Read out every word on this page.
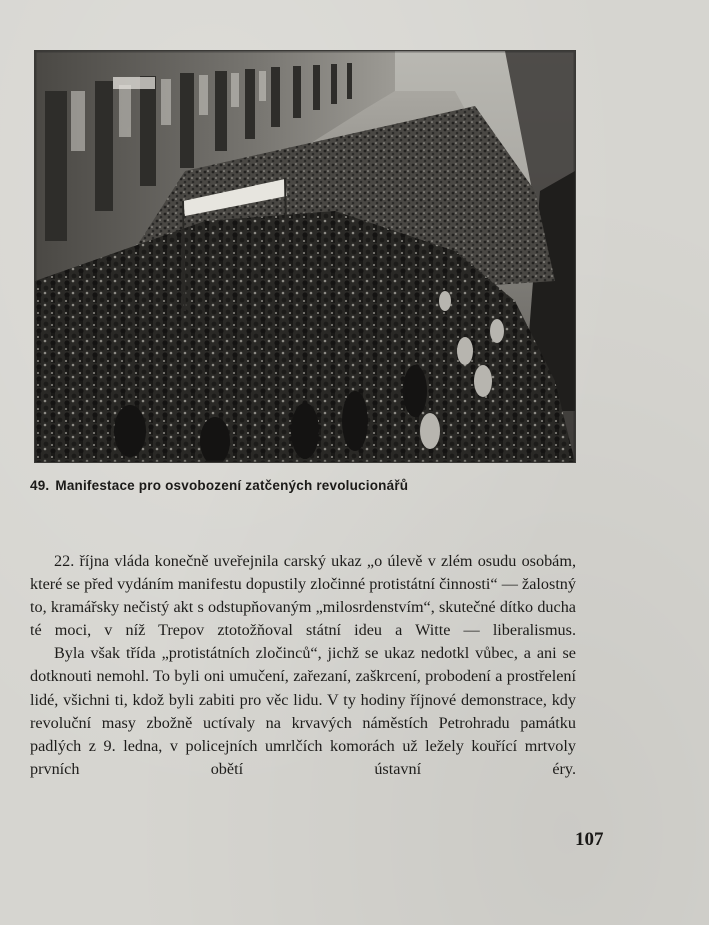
49. Manifestace pro osvobození zatčených revolucionářů

22. října vláda konečně uveřejnila carský ukaz „o úlevě v zlém osudu osobám, které se před vydáním manifestu dopustily zločinné protistátní činnosti“ — žalostný to, kramářsky nečistý akt s odstupňovaným „milosrdenstvím“, skutečné dítko ducha té moci, v níž Trepov ztotožňoval státní ideu a Witte — liberalismus.

Byla však třída „protistátních zločinců“, jichž se ukaz nedotkl vůbec, a ani se dotknouti nemohl. To byli oni umučení, zařezaní, zaškrcení, probodení a prostřelení lidé, všichni ti, kdož byli zabiti pro věc lidu. V ty hodiny říjnové demonstrace, kdy revoluční masy zbožně uctívaly na krvavých náměstích Petrohradu památku padlých z 9. ledna, v policejních umrlčích komorách už ležely kouřící mrtvoly prvních obětí ústavní éry.

107
